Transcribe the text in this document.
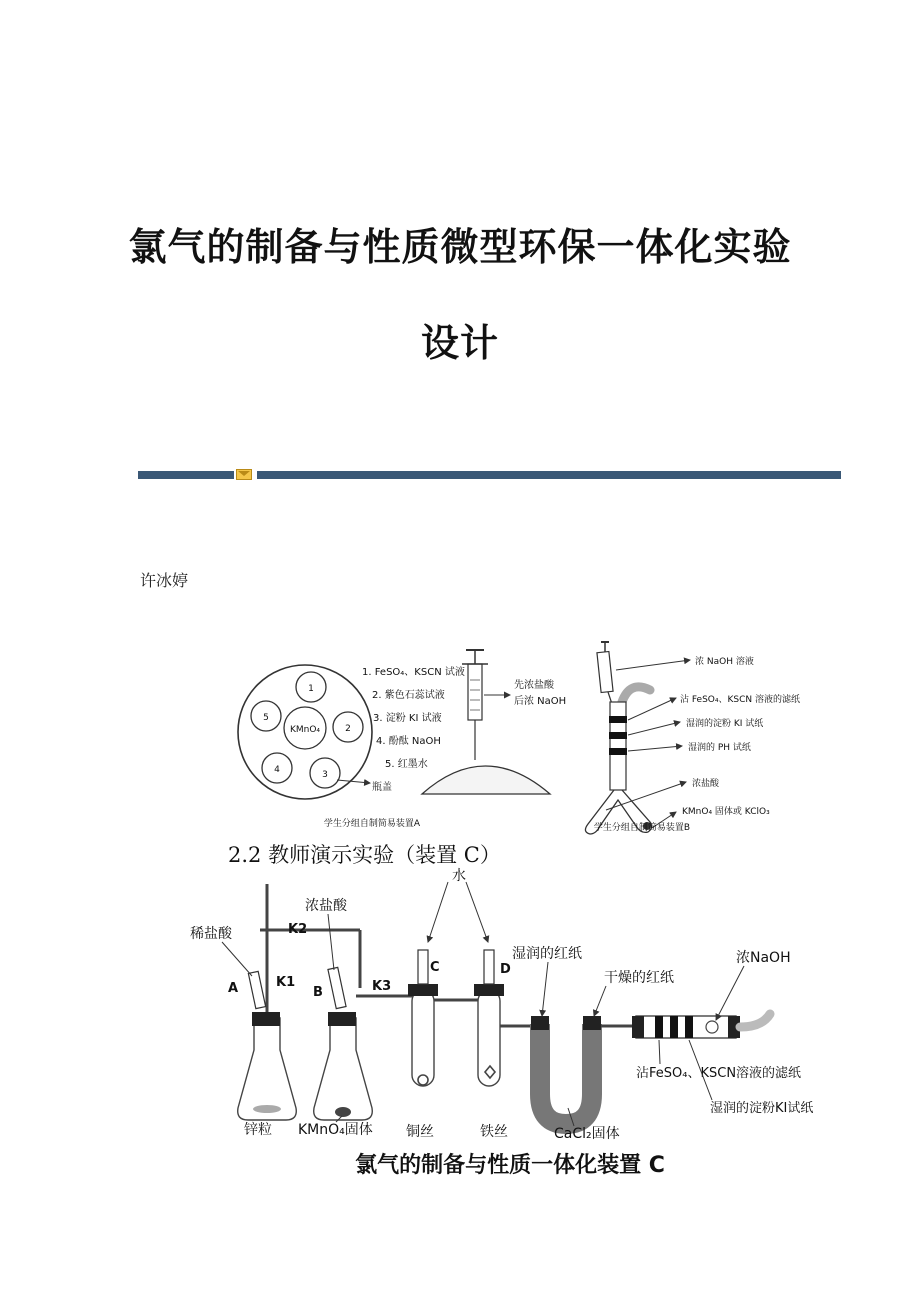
氯气的制备与性质微型环保一体化实验
设计
许冰婷
KMnO₄
1
2
3
4
5
1. FeSO₄、KSCN 试液
2. 紫色石蕊试液
3. 淀粉 KI 试液
4. 酚酞 NaOH
5. 红墨水
瓶盖
先浓盐酸
后浓 NaOH
学生分组自制简易装置A
浓 NaOH 溶液
沾 FeSO₄、KSCN 溶液的滤纸
湿润的淀粉 KI 试纸
湿润的 PH 试纸
浓盐酸
KMnO₄ 固体或 KClO₃
学生分组自制简易装置B
2.2 教师演示实验（装置 C）
稀盐酸
浓盐酸
水
K1
K2
K3
A	B
C	D
湿润的红纸
干燥的红纸
浓NaOH
沾FeSO₄、KSCN溶液的滤纸
湿润的淀粉KI试纸
锌粒 KMnO₄固体 铜丝	铁丝	CaCl₂固体
氯气的制备与性质一体化装置 C
